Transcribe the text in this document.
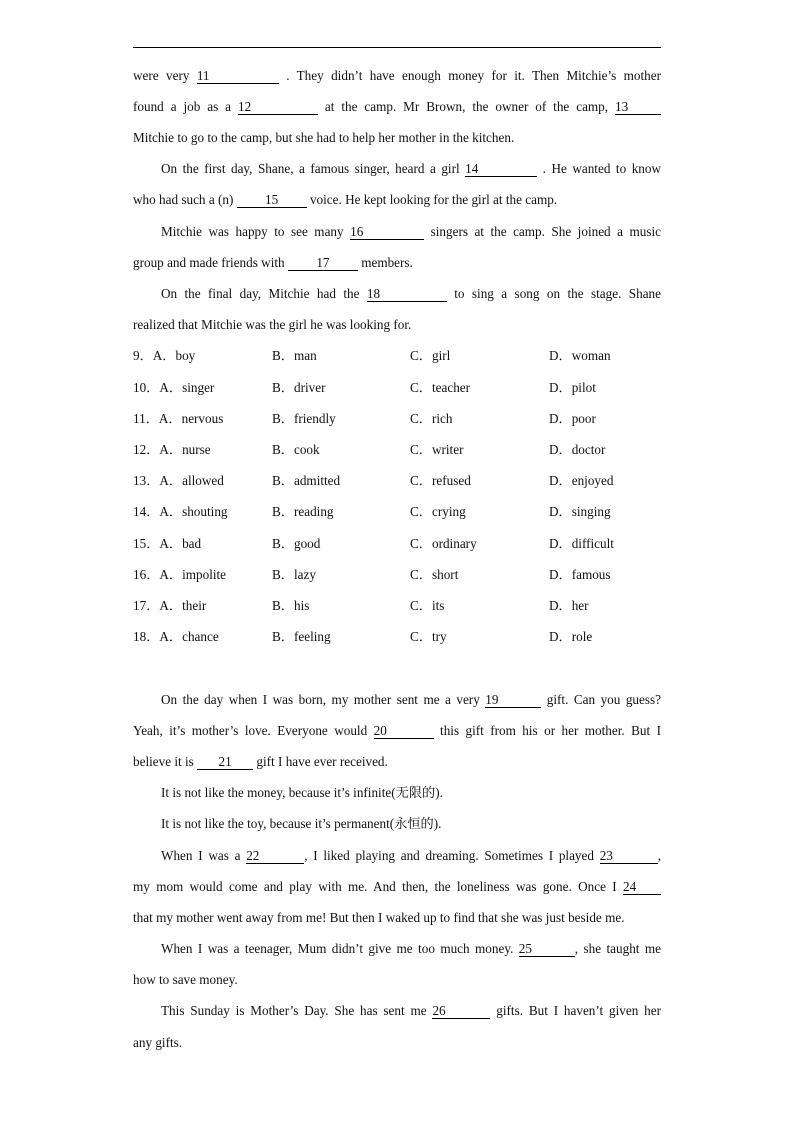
were very 11	. They didn’t have enough money for it. Then Mitchie’s mother
found a job as a 12	at the camp. Mr Brown, the owner of the camp, 13
Mitchie to go to the camp, but she had to help her mother in the kitchen.
On the first day, Shane, a famous singer, heard a girl 14	. He wanted to know
who had such a (n) 15 voice. He kept looking for the girl at the camp.
Mitchie was happy to see many 16	singers at the camp. She joined a music
group and made friends with 17 members.
On the final day, Mitchie had the 18	to sing a song on the stage. Shane
realized that Mitchie was the girl he was looking for.
9．A．boy	B．man	C．girl	D．woman
10．A．singer	B．driver	C．teacher	D．pilot
11．A．nervous	B．friendly	C．rich	D．poor
12．A．nurse	B．cook	C．writer	D．doctor
13．A．allowed	B．admitted	C．refused	D．enjoyed
14．A．shouting	B．reading	C．crying	D．singing
15．A．bad	B．good	C．ordinary	D．difficult
16．A．impolite	B．lazy	C．short	D．famous
17．A．their	B．his	C．its	D．her
18．A．chance	B．feeling	C．try	D．role
On the day when I was born, my mother sent me a very 19	gift. Can you guess?
Yeah, it’s mother’s love. Everyone would 20	this gift from his or her mother. But I
believe it is 21 gift I have ever received.
It is not like the money, because it’s infinite(无限的).
It is not like the toy, because it’s permanent(永恒的).
When I was a 22	, I liked playing and dreaming. Sometimes I played 23	,
my mom would come and play with me. And then, the loneliness was gone. Once I 24
that my mother went away from me! But then I waked up to find that she was just beside me.
When I was a teenager, Mum didn’t give me too much money. 25	, she taught me
how to save money.
This Sunday is Mother’s Day. She has sent me 26	gifts. But I haven’t given her
any gifts.
